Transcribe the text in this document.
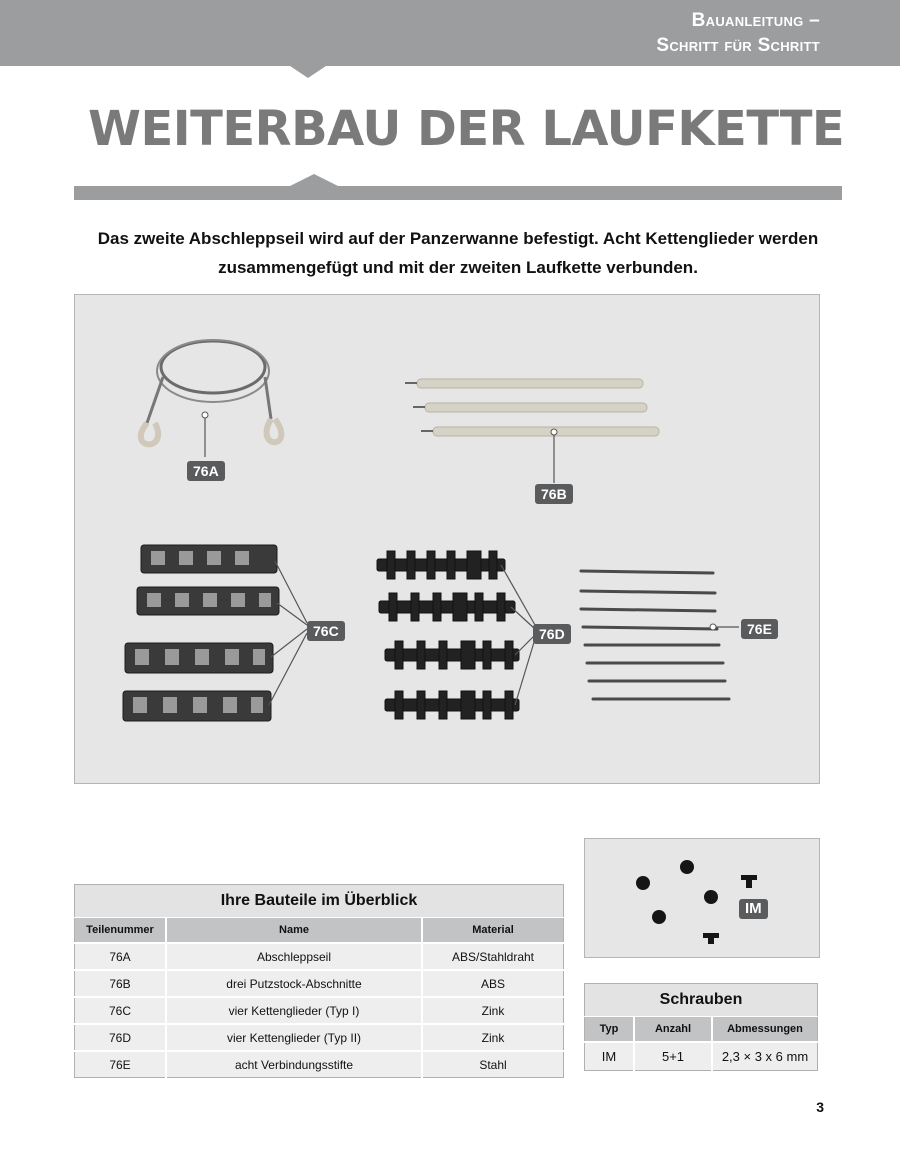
Bauanleitung –
Schritt für Schritt
WEITERBAU DER LAUFKETTE

Das zweite Abschleppseil wird auf der Panzerwanne befestigt. Acht Kettenglieder werden zusammengefügt und mit der zweiten Laufkette verbunden.

76A
76B
76C	76D	76E
IM
Ihre Bauteile im Überblick		
Teilenummer	Name	Material
76A	Abschleppseil	ABS/Stahldraht
76B	drei Putzstock-Abschnitte	ABS
76C	vier Kettenglieder (Typ I)	Zink
76D	vier Kettenglieder (Typ II)	Zink
76E	acht Verbindungsstifte	Stahl
Schrauben		
Typ	Anzahl	Abmessungen
IM	5+1	2,3 × 3 x 6 mm
3
